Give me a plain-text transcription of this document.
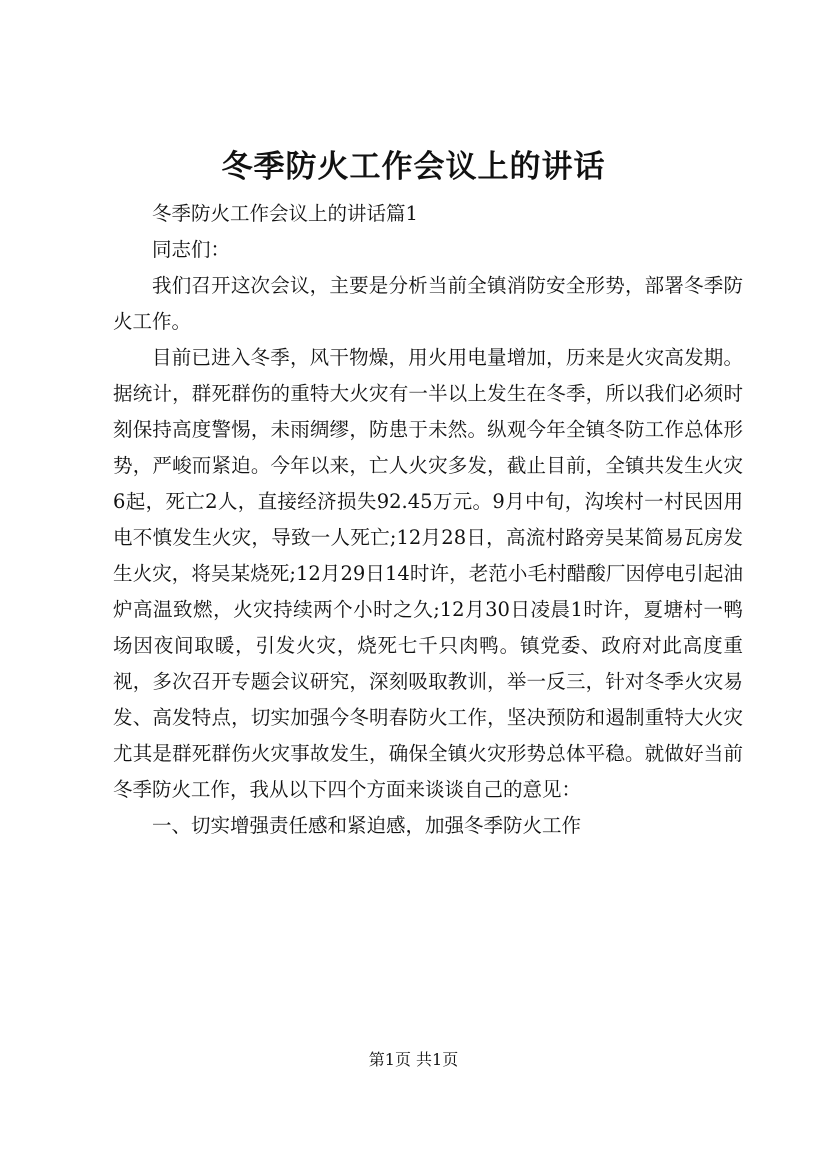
冬季防火工作会议上的讲话

冬季防火工作会议上的讲话篇1

同志们：

我们召开这次会议，主要是分析当前全镇消防安全形势，部署冬季防火工作。

目前已进入冬季，风干物燥，用火用电量增加，历来是火灾高发期。据统计，群死群伤的重特大火灾有一半以上发生在冬季，所以我们必须时刻保持高度警惕，未雨绸缪，防患于未然。纵观今年全镇冬防工作总体形势，严峻而紧迫。今年以来，亡人火灾多发，截止目前，全镇共发生火灾6起，死亡2人，直接经济损失92.45万元。9月中旬，沟埃村一村民因用电不慎发生火灾，导致一人死亡;12月28日，高流村路旁吴某简易瓦房发生火灾，将吴某烧死;12月29日14时许，老范小毛村醋酸厂因停电引起油炉高温致燃，火灾持续两个小时之久;12月30日凌晨1时许，夏塘村一鸭场因夜间取暖，引发火灾，烧死七千只肉鸭。镇党委、政府对此高度重视，多次召开专题会议研究，深刻吸取教训，举一反三，针对冬季火灾易发、高发特点，切实加强今冬明春防火工作，坚决预防和遏制重特大火灾尤其是群死群伤火灾事故发生，确保全镇火灾形势总体平稳。就做好当前冬季防火工作，我从以下四个方面来谈谈自己的意见：

一、切实增强责任感和紧迫感，加强冬季防火工作

第1页 共1页
